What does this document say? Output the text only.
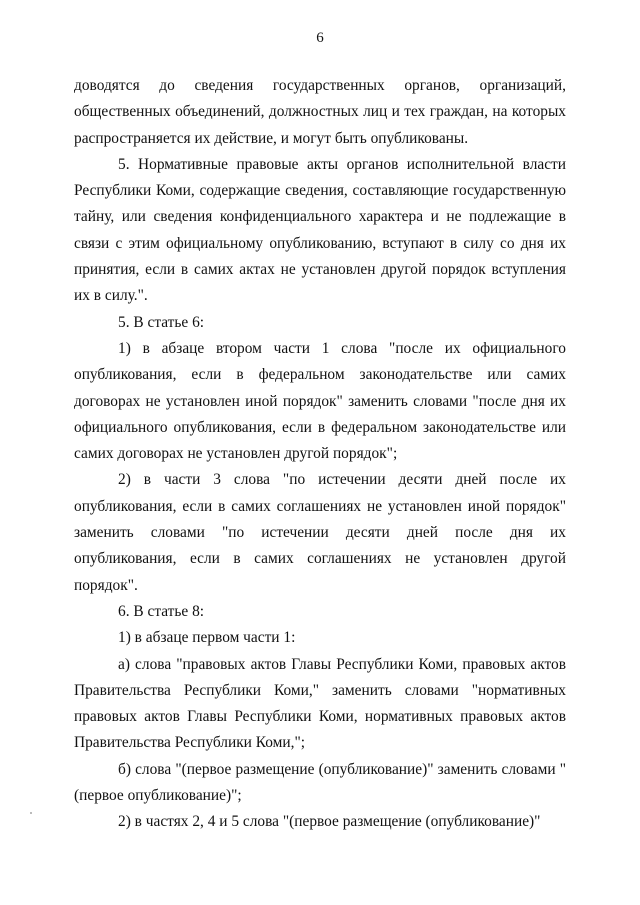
6

доводятся до сведения государственных органов, организаций, общественных объединений, должностных лиц и тех граждан, на которых распространяется их действие, и могут быть опубликованы.

5. Нормативные правовые акты органов исполнительной власти Республики Коми, содержащие сведения, составляющие государственную тайну, или сведения конфиденциального характера и не подлежащие в связи с этим официальному опубликованию, вступают в силу со дня их принятия, если в самих актах не установлен другой порядок вступления их в силу.".

5. В статье 6:

1) в абзаце втором части 1 слова "после их официального опубликования, если в федеральном законодательстве или самих договорах не установлен иной порядок" заменить словами "после дня их официального опубликования, если в федеральном законодательстве или самих договорах не установлен другой порядок";

2) в части 3 слова "по истечении десяти дней после их опубликования, если в самих соглашениях не установлен иной порядок" заменить словами "по истечении десяти дней после дня их опубликования, если в самих соглашениях не установлен другой порядок".

6. В статье 8:

1) в абзаце первом части 1:

а) слова "правовых актов Главы Республики Коми, правовых актов Правительства Республики Коми," заменить словами "нормативных правовых актов Главы Республики Коми, нормативных правовых актов Правительства Республики Коми,";

б) слова "(первое размещение (опубликование)" заменить словами "(первое опубликование)";

2) в частях 2, 4 и 5 слова "(первое размещение (опубликование)"
